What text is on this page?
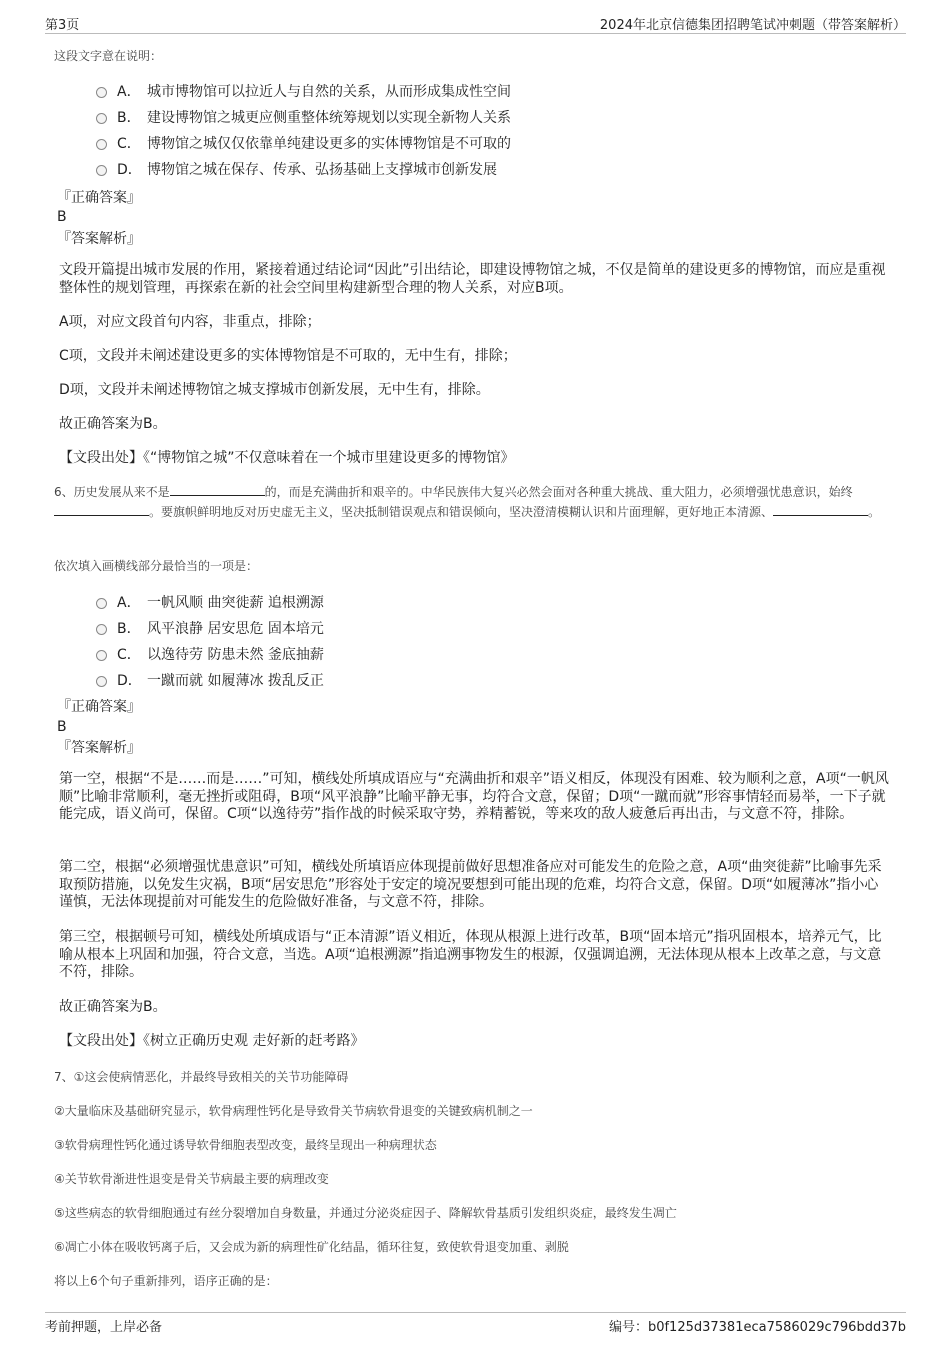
第3页	2024年北京信德集团招聘笔试冲刺题（带答案解析）
这段文字意在说明：
A． 城市博物馆可以拉近人与自然的关系，从而形成集成性空间
B． 建设博物馆之城更应侧重整体统筹规划以实现全新物人关系
C． 博物馆之城仅仅依靠单纯建设更多的实体博物馆是不可取的
D． 博物馆之城在保存、传承、弘扬基础上支撑城市创新发展
『正确答案』
B
『答案解析』
文段开篇提出城市发展的作用，紧接着通过结论词“因此”引出结论，即建设博物馆之城，不仅是简单的建设更多的博物馆，而应是重视整体性的规划管理，再探索在新的社会空间里构建新型合理的物人关系，对应B项。
A项，对应文段首句内容，非重点，排除；
C项，文段并未阐述建设更多的实体博物馆是不可取的，无中生有，排除；
D项，文段并未阐述博物馆之城支撑城市创新发展，无中生有，排除。
故正确答案为B。
【文段出处】《“博物馆之城”不仅意味着在一个城市里建设更多的博物馆》
6、历史发展从来不是	的，而是充满曲折和艰辛的。中华民族伟大复兴必然会面对各种重大挑战、重大阻力，必须增强忧患意识，始终。要旗帜鲜明地反对历史虚无主义，坚决抵制错误观点和错误倾向，坚决澄清模糊认识和片面理解，更好地正本清源、	。
依次填入画横线部分最恰当的一项是：
A． 一帆风顺 曲突徙薪 追根溯源
B． 风平浪静 居安思危 固本培元
C． 以逸待劳 防患未然 釜底抽薪
D． 一蹴而就 如履薄冰 拨乱反正
『正确答案』
B
『答案解析』
第一空，根据“不是……而是……”可知，横线处所填成语应与“充满曲折和艰辛”语义相反，体现没有困难、较为顺利之意，A项“一帆风顺”比喻非常顺利，毫无挫折或阻碍，B项“风平浪静”比喻平静无事，均符合文意，保留；D项“一蹴而就”形容事情轻而易举，一下子就能完成，语义尚可，保留。C项“以逸待劳”指作战的时候采取守势，养精蓄锐，等来攻的敌人疲惫后再出击，与文意不符，排除。
第二空，根据“必须增强忧患意识”可知，横线处所填语应体现提前做好思想准备应对可能发生的危险之意，A项“曲突徙薪”比喻事先采取预防措施，以免发生灾祸，B项“居安思危”形容处于安定的境况要想到可能出现的危难，均符合文意，保留。D项“如履薄冰”指小心谨慎，无法体现提前对可能发生的危险做好准备，与文意不符，排除。
第三空，根据顿号可知，横线处所填成语与“正本清源”语义相近，体现从根源上进行改革，B项“固本培元”指巩固根本，培养元气，比喻从根本上巩固和加强，符合文意，当选。A项“追根溯源”指追溯事物发生的根源，仅强调追溯，无法体现从根本上改革之意，与文意不符，排除。
故正确答案为B。
【文段出处】《树立正确历史观 走好新的赶考路》
7、①这会使病情恶化，并最终导致相关的关节功能障碍
②大量临床及基础研究显示，软骨病理性钙化是导致骨关节病软骨退变的关键致病机制之一
③软骨病理性钙化通过诱导软骨细胞表型改变，最终呈现出一种病理状态
④关节软骨渐进性退变是骨关节病最主要的病理改变
⑤这些病态的软骨细胞通过有丝分裂增加自身数量，并通过分泌炎症因子、降解软骨基质引发组织炎症，最终发生凋亡
⑥凋亡小体在吸收钙离子后，又会成为新的病理性矿化结晶，循环往复，致使软骨退变加重、剥脱
将以上6个句子重新排列，语序正确的是：
考前押题，上岸必备	编号：b0f125d37381eca7586029c796bdd37b
